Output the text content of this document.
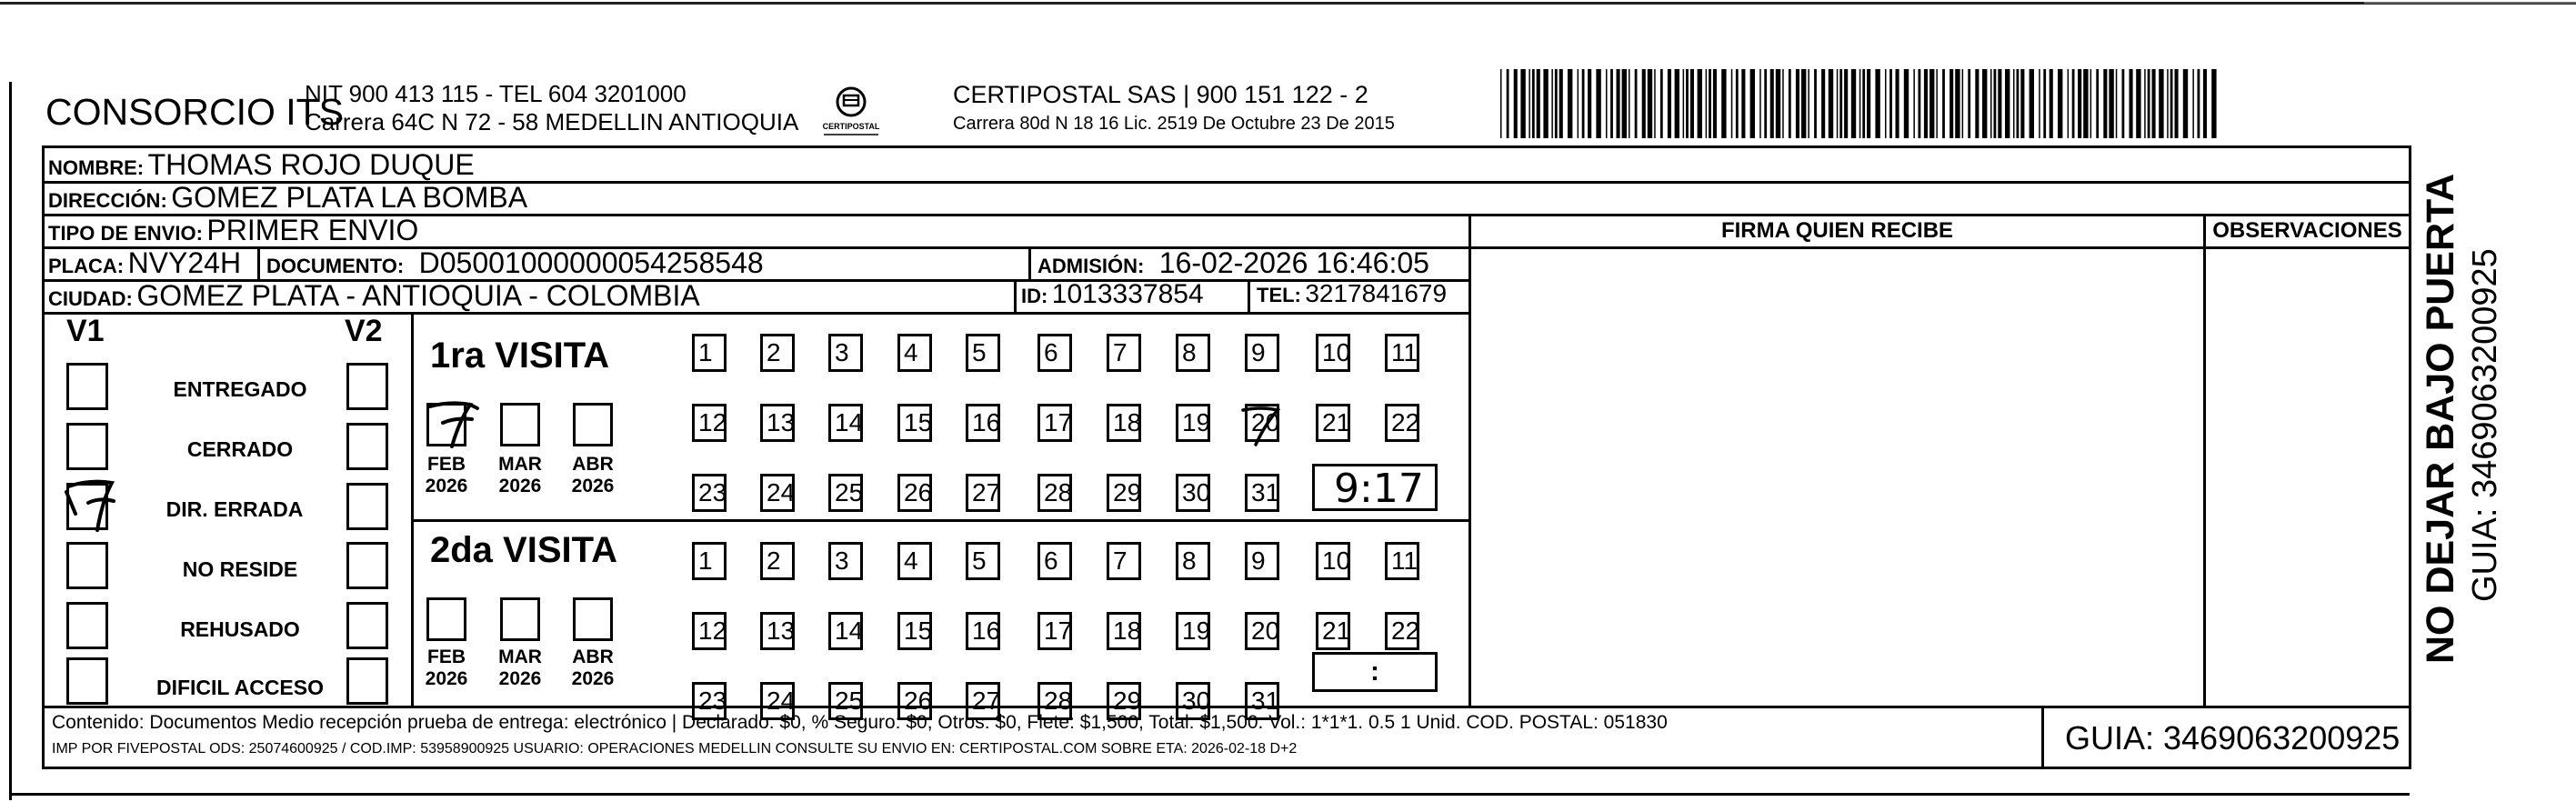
CONSORCIO ITS
NIT 900 413 115 - TEL 604 3201000
Carrera 64C N 72 - 58 MEDELLIN ANTIOQUIA	CERTIPOSTAL
CERTIPOSTAL SAS | 900 151 122 - 2
Carrera 80d N 18 16 Lic. 2519 De Octubre 23 De 2015
NOMBRE: THOMAS ROJO DUQUE
DIRECCIÓN: GOMEZ PLATA LA BOMBA
TIPO DE ENVIO: PRIMER ENVIO	FIRMA QUIEN RECIBE	OBSERVACIONES
PLACA: NVY24H DOCUMENTO: D05001000000054258548	ADMISIÓN: 16-02-2026 16:46:05
CIUDAD: GOMEZ PLATA - ANTIOQUIA - COLOMBIA	ID: 1013337854	TEL: 3217841679
V1	V2
ENTREGADO
CERRADO
DIR. ERRADA
NO RESIDE
REHUSADO
DIFICIL ACCESO
1ra VISITA
FEB
2026
MAR
2026
ABR
2026
1	2	3	4	5	6	7	8	9	10 11
12 13 14 15 16 17 18 19 20 21 22
23 24 25 26 27 28 29 30 31 9:17
2da VISITA
FEB
2026
MAR
2026
ABR
2026
1	2	3	4	5	6	7	8	9	10 11
12 13 14 15 16 17 18 19 20 21 22
23 24 25 26 27 28 29 30 31
:
Contenido: Documentos Medio recepción prueba de entrega: electrónico | Declarado: $0, % Seguro: $0, Otros: $0, Flete: $1,500, Total: $1,500. Vol.: 1*1*1. 0.5 1 Unid. COD. POSTAL: 051830
IMP POR FIVEPOSTAL ODS: 25074600925 / COD.IMP: 53958900925 USUARIO: OPERACIONES MEDELLIN CONSULTE SU ENVIO EN: CERTIPOSTAL.COM SOBRE ETA: 2026-02-18 D+2	GUIA: 3469063200925
NO DEJAR BAJO PUERTA GUIA: 3469063200925
